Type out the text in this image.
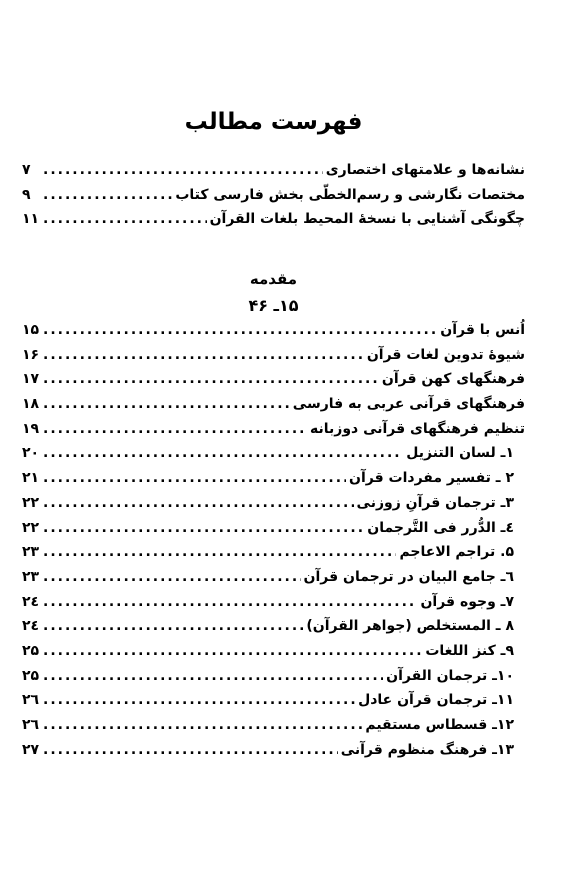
فهرست مطالب
نشانه‌ها و علامتهای اختصاری
.....
۷
مختصات نگارشی و رسم‌الخطّی بخش فارسی کتاب
.....
۹
چگونگی آشنایی با نسخهٔ المحیط بلغات القرآن
.....
۱۱
مقدمه
۱۵ـ ۴۶
اُنس با قرآن
.....
۱۵
شیوهٔ تدوین لغات قرآن
.....
۱۶
فرهنگهای کهن قرآن
.....
۱۷
فرهنگهای قرآنی عربی به فارسی
.....
۱۸
تنظیم فرهنگهای قرآنی دوزبانه
.....
۱۹
۱ـ لسان التنزیل
.....
۲۰
۲ ـ تفسیر مفردات قرآن
.....
۲۱
۳ـ ترجمان قرآنِ زوزنی
.....
۲۲
٤ـ الدُّرر فی التَّرجمان
.....
۲۲
۵. تراجم الاعاجم
.....
۲۳
٦ـ جامع البیان در ترجمان قرآن
.....
۲۳
۷ـ وجوه قرآن
.....
۲٤
۸ ـ المستخلص (جواهر القرآن)
.....
۲٤
۹ـ کنز اللغات
.....
۲۵
۱۰ـ ترجمان القرآن
.....
۲۵
۱۱ـ ترجمان قرآن عادل
.....
۲٦
۱۲ـ قسطاس مستقیم
.....
۲٦
۱۳ـ فرهنگ منظوم قرآنی
.....
۲۷
